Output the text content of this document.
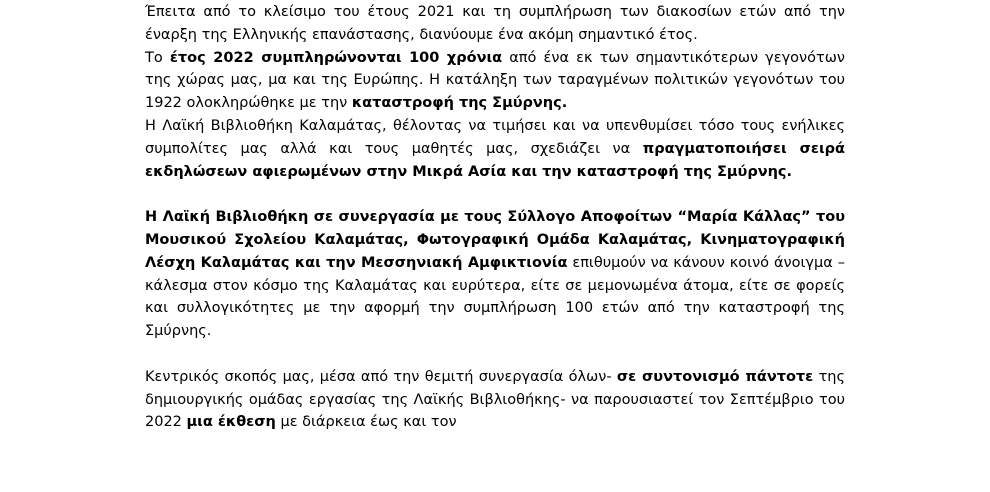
Έπειτα από το κλείσιμο του έτους 2021 και τη συμπλήρωση των διακοσίων ετών από την έναρξη της Ελληνικής επανάστασης, διανύουμε ένα ακόμη σημαντικό έτος.

Το έτος 2022 συμπληρώνονται 100 χρόνια από ένα εκ των σημαντικότερων γεγονότων της χώρας μας, μα και της Ευρώπης. Η κατάληξη των ταραγμένων πολιτικών γεγονότων του 1922 ολοκληρώθηκε με την καταστροφή της Σμύρνης.

Η Λαϊκή Βιβλιοθήκη Καλαμάτας, θέλοντας να τιμήσει και να υπενθυμίσει τόσο τους ενήλικες συμπολίτες μας αλλά και τους μαθητές μας, σχεδιάζει να πραγματοποιήσει σειρά εκδηλώσεων αφιερωμένων στην Μικρά Ασία και την καταστροφή της Σμύρνης.

Η Λαϊκή Βιβλιοθήκη σε συνεργασία με τους Σύλλογο Αποφοίτων “Μαρία Κάλλας” του Μουσικού Σχολείου Καλαμάτας, Φωτογραφική Ομάδα Καλαμάτας, Κινηματογραφική Λέσχη Καλαμάτας και την Μεσσηνιακή Αμφικτιονία επιθυμούν να κάνουν κοινό άνοιγμα – κάλεσμα στον κόσμο της Καλαμάτας και ευρύτερα, είτε σε μεμονωμένα άτομα, είτε σε φορείς και συλλογικότητες με την αφορμή την συμπλήρωση 100 ετών από την καταστροφή της Σμύρνης.

Κεντρικός σκοπός μας, μέσα από την θεμιτή συνεργασία όλων- σε συντονισμό πάντοτε της δημιουργικής ομάδας εργασίας της Λαϊκής Βιβλιοθήκης- να παρουσιαστεί τον Σεπτέμβριο του 2022 μια έκθεση με διάρκεια έως και τον
